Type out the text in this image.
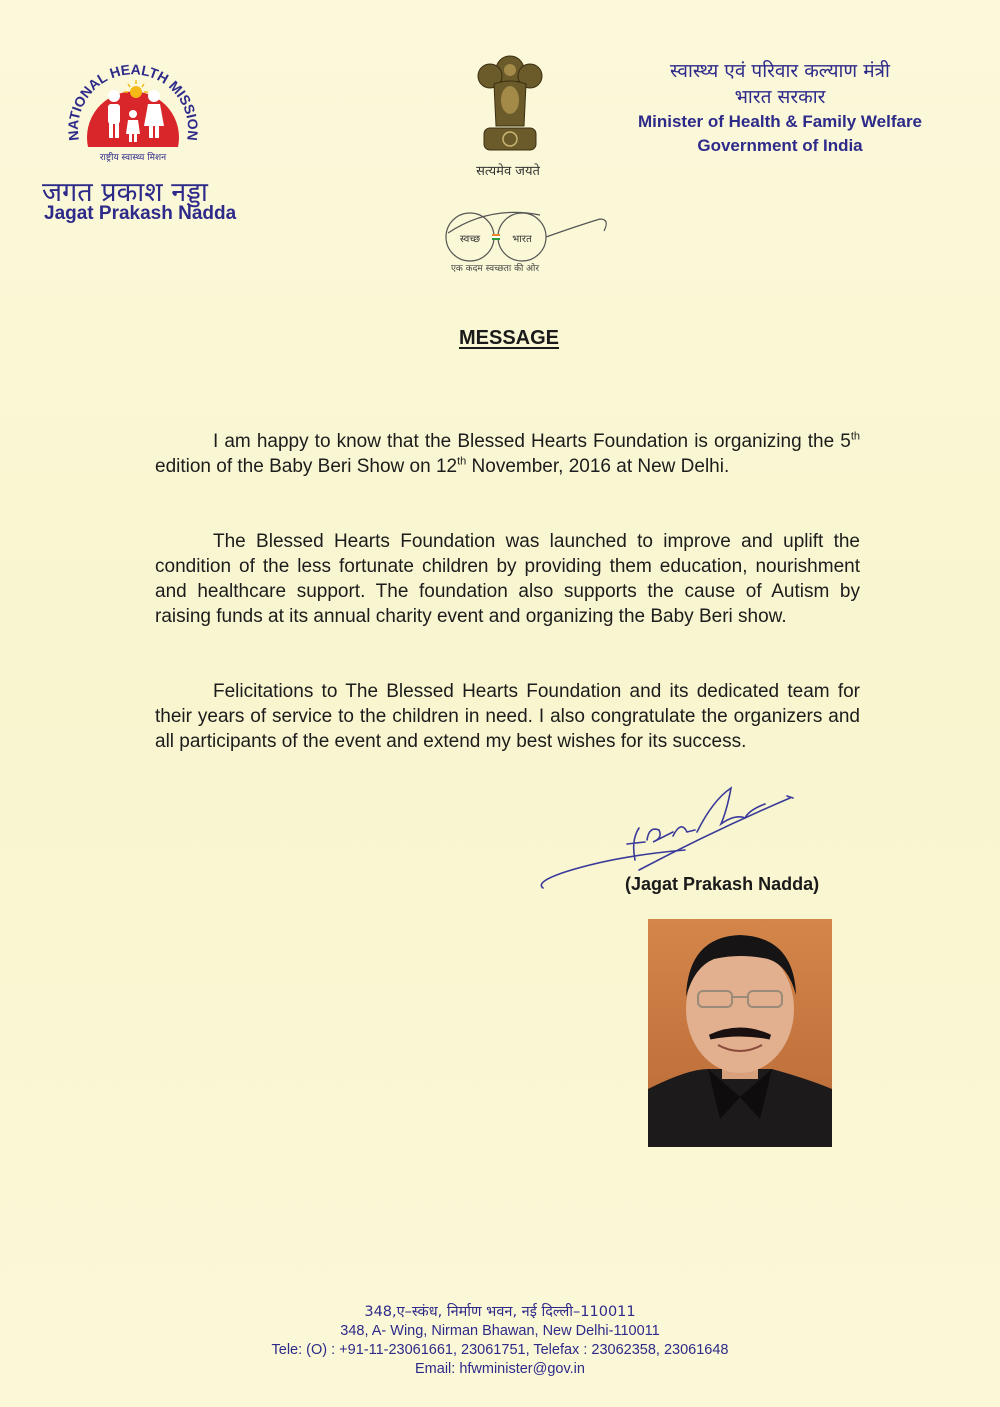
NATIONAL HEALTH MISSION
राष्ट्रीय स्वास्थ्य मिशन
जगत प्रकाश नड्डा
Jagat Prakash Nadda
सत्यमेव जयते
स्वच्छ	भारत
एक कदम स्वच्छता की ओर
स्वास्थ्य एवं परिवार कल्याण मंत्री
भारत सरकार
Minister of Health & Family Welfare
Government of India
MESSAGE
I am happy to know that the Blessed Hearts Foundation is organizing the 5th edition of the Baby Beri Show on 12th November, 2016 at New Delhi.
The Blessed Hearts Foundation was launched to improve and uplift the condition of the less fortunate children by providing them education, nourishment and healthcare support. The foundation also supports the cause of Autism by raising funds at its annual charity event and organizing the Baby Beri show.
Felicitations to The Blessed Hearts Foundation and its dedicated team for their years of service to the children in need. I also congratulate the organizers and all participants of the event and extend my best wishes for its success.
(Jagat Prakash Nadda)
348,ए–स्कंध, निर्माण भवन, नई दिल्ली–110011
348, A- Wing, Nirman Bhawan, New Delhi-110011
Tele: (O) : +91-11-23061661, 23061751, Telefax : 23062358, 23061648
Email: hfwminister@gov.in
